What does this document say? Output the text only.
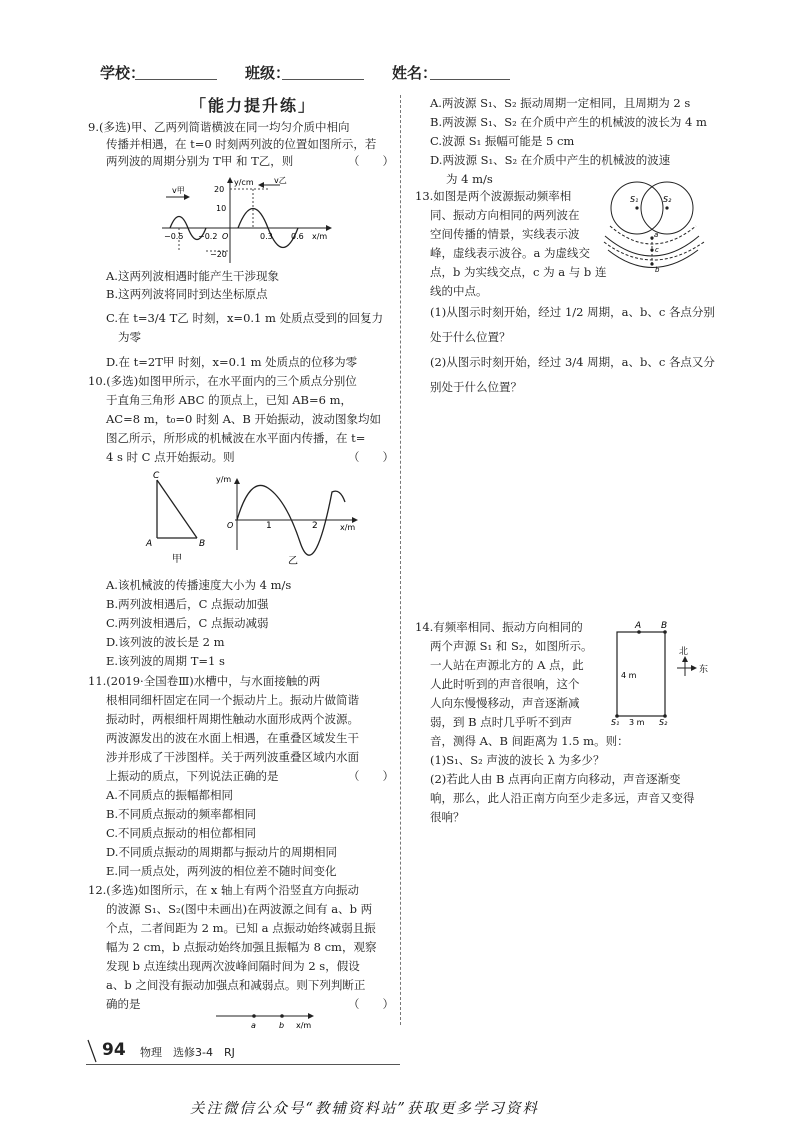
学校：	班级：	姓名：
「能力提升练」
9.(多选)甲、乙两列简谐横波在同一均匀介质中相向
传播并相遇，在 t=0 时刻两列波的位置如图所示，若
两列波的周期分别为 T甲 和 T乙，则	（　　）
v甲
v乙
y/cm
20
10
−20
−0.5 −0.2 O	0.3 0.6 x/m
A.这两列波相遇时能产生干涉现象
B.这两列波将同时到达坐标原点
C.在 t=3/4 T乙 时刻，x=0.1 m 处质点受到的回复力
为零
D.在 t=2T甲 时刻，x=0.1 m 处质点的位移为零
10.(多选)如图甲所示，在水平面内的三个质点分别位
于直角三角形 ABC 的顶点上，已知 AB=6 m，
AC=8 m，t₀=0 时刻 A、B 开始振动，波动图象均如
图乙所示，所形成的机械波在水平面内传播，在 t=
4 s 时 C 点开始振动。则	（　　）
C
A	B
甲
y/m
O	1	2	x/m
乙
A.该机械波的传播速度大小为 4 m/s
B.两列波相遇后，C 点振动加强
C.两列波相遇后，C 点振动减弱
D.该列波的波长是 2 m
E.该列波的周期 T=1 s
11.(2019·全国卷Ⅲ)水槽中，与水面接触的两
根相同细杆固定在同一个振动片上。振动片做简谐
振动时，两根细杆周期性触动水面形成两个波源。
两波源发出的波在水面上相遇，在重叠区域发生干
涉并形成了干涉图样。关于两列波重叠区域内水面
上振动的质点，下列说法正确的是	（　　）
A.不同质点的振幅都相同
B.不同质点振动的频率都相同
C.不同质点振动的相位都相同
D.不同质点振动的周期都与振动片的周期相同
E.同一质点处，两列波的相位差不随时间变化
12.(多选)如图所示，在 x 轴上有两个沿竖直方向振动
的波源 S₁、S₂(图中未画出)在两波源之间有 a、b 两
个点，二者间距为 2 m。已知 a 点振动始终减弱且振
幅为 2 cm，b 点振动始终加强且振幅为 8 cm，观察
发现 b 点连续出现两次波峰间隔时间为 2 s，假设
a、b 之间没有振动加强点和减弱点。则下列判断正
确的是	（　　）
a	b x/m
A.两波源 S₁、S₂ 振动周期一定相同，且周期为 2 s
B.两波源 S₁、S₂ 在介质中产生的机械波的波长为 4 m
C.波源 S₁ 振幅可能是 5 cm
D.两波源 S₁、S₂ 在介质中产生的机械波的波速
为 4 m/s
13.如图是两个波源振动频率相
同、振动方向相同的两列波在
空间传播的情景，实线表示波
峰，虚线表示波谷。a 为虚线交
点，b 为实线交点，c 为 a 与 b 连
线的中点。
S₁	S₂
a
c
b
(1)从图示时刻开始，经过 1/2 周期，a、b、c 各点分别
处于什么位置？
(2)从图示时刻开始，经过 3/4 周期，a、b、c 各点又分
别处于什么位置？
14.有频率相同、振动方向相同的
两个声源 S₁ 和 S₂，如图所示。
一人站在声源北方的 A 点，此
人此时听到的声音很响，这个
人向东慢慢移动，声音逐渐减
弱，到 B 点时几乎听不到声
音，测得 A、B 间距离为 1.5 m。则：
A B
S₁	S₂
4 m
3 m
北
东
(1)S₁、S₂ 声波的波长 λ 为多少？
(2)若此人由 B 点再向正南方向移动，声音逐渐变
响，那么，此人沿正南方向至少走多远，声音又变得
很响？
94 物理　选修3-4　RJ
关注微信公众号“教辅资料站”获取更多学习资料
